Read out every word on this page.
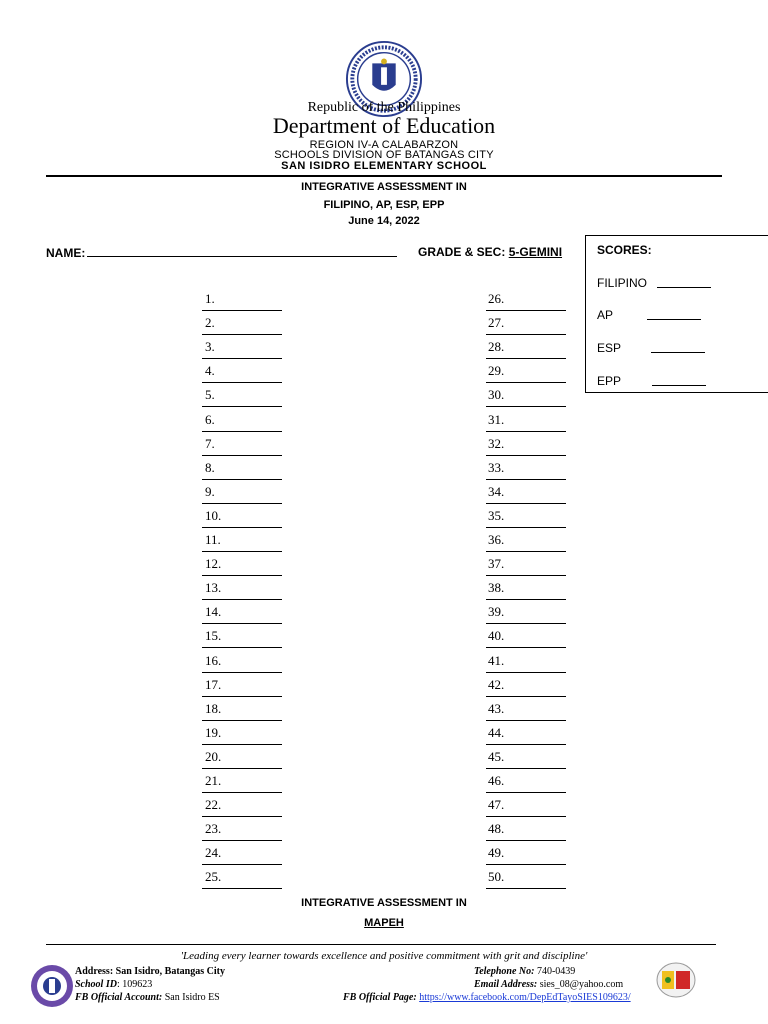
Republic of the Philippines
Department of Education
REGION IV-A CALABARZON
SCHOOLS DIVISION OF BATANGAS CITY
SAN ISIDRO ELEMENTARY SCHOOL
INTEGRATIVE ASSESSMENT IN
FILIPINO, AP, ESP, EPP
June 14, 2022
NAME:	GRADE & SEC: 5-GEMINI	SCORES:
FILIPINO
AP
ESP
EPP
1.
2.
3.
4.
5.
6.
7.
8.
9.
10.
11.
12.
13.
14.
15.
16.
17.
18.
19.
20.
21.
22.
23.
24.
25.
26.
27.
28.
29.
30.
31.
32.
33.
34.
35.
36.
37.
38.
39.
40.
41.
42.
43.
44.
45.
46.
47.
48.
49.
50.
INTEGRATIVE ASSESSMENT IN
MAPEH
'Leading every learner towards excellence and positive commitment with grit and discipline'
Address: San Isidro, Batangas City
School ID: 109623
FB Official Account: San Isidro ES
Telephone No: 740-0439
Email Address: sies_08@yahoo.com
FB Official Page: https://www.facebook.com/DepEdTayoSIES109623/
